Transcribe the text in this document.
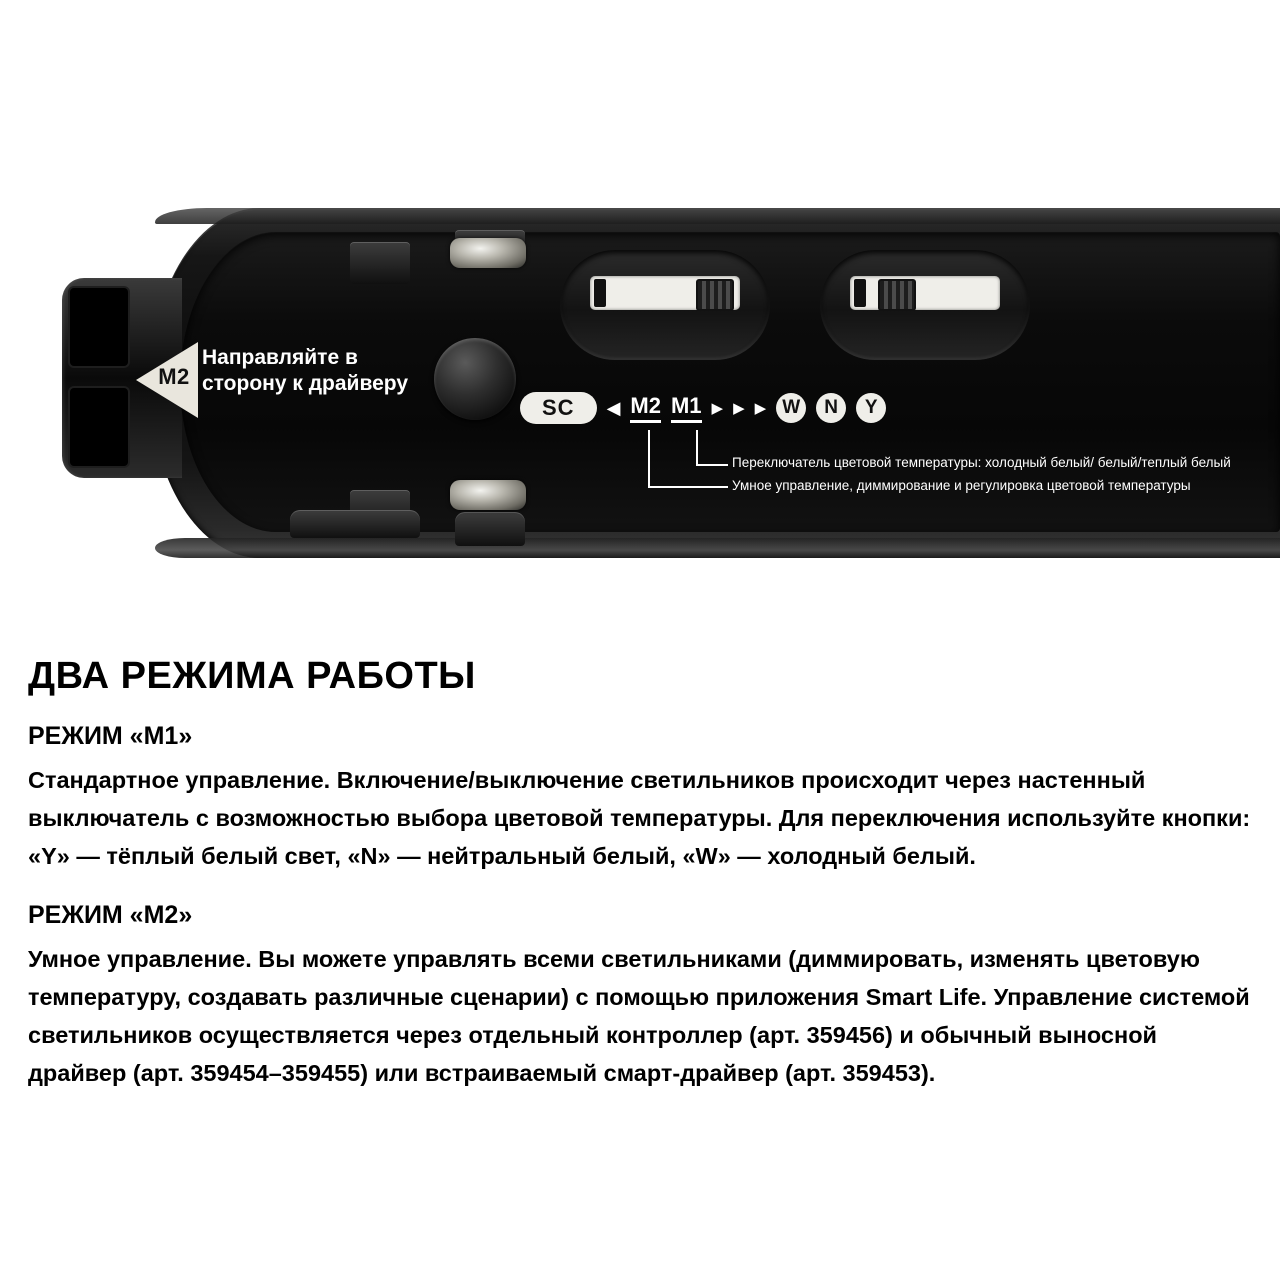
M2
Направляйте в
сторону к драйверу
SC	◀ M2 M1 ▶ ▶ ▶ W	N	Y
Переключатель цветовой температуры: холодный белый/ белый/теплый белый
Умное управление, диммирование и регулировка цветовой температуры
ДВА РЕЖИМА РАБОТЫ
РЕЖИМ «M1»

Стандартное управление. Включение/выключение светильников происходит через настенный выключатель с возможностью выбора цветовой температуры. Для переключения используйте кнопки: «Y» — тёплый белый свет, «N» — нейтральный белый, «W» — холодный белый.

РЕЖИМ «M2»

Умное управление. Вы можете управлять всеми светильниками (диммировать, изменять цветовую температуру, создавать различные сценарии) с помощью приложения Smart Life. Управление системой светильников осуществляется через отдельный контроллер (арт. 359456) и обычный выносной драйвер (арт. 359454–359455) или встраиваемый смарт-драйвер (арт. 359453).
